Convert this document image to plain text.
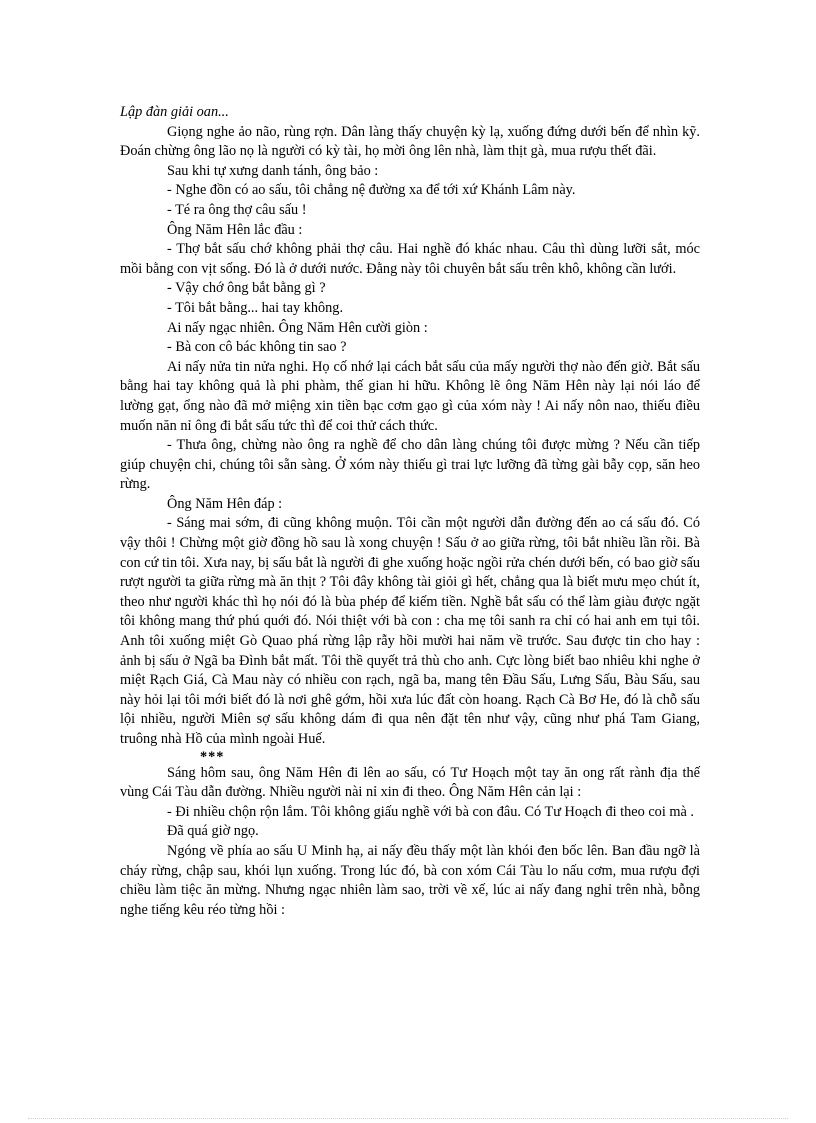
Lập đàn giải oan...

Giọng nghe ảo não, rùng rợn. Dân làng thấy chuyện kỳ lạ, xuống đứng dưới bến để nhìn kỹ. Đoán chừng ông lão nọ là người có kỳ tài, họ mời ông lên nhà, làm thịt gà, mua rượu thết đãi.

Sau khi tự xưng danh tánh, ông bảo :

- Nghe đồn có ao sấu, tôi chẳng nệ đường xa để tới xứ Khánh Lâm này.

- Té ra ông thợ câu sấu !

Ông Năm Hên lắc đầu :

- Thợ bắt sấu chớ không phải thợ câu. Hai nghề đó khác nhau. Câu thì dùng lưỡi sắt, móc mồi bằng con vịt sống. Đó là ở dưới nước. Đằng này tôi chuyên bắt sấu trên khô, không cần lưới.

- Vậy chớ ông bắt bằng gì ?

- Tôi bắt bằng... hai tay không.

Ai nấy ngạc nhiên. Ông Năm Hên cười giòn :

- Bà con cô bác không tin sao ?

Ai nấy nửa tin nửa nghi. Họ cố nhớ lại cách bắt sấu của mấy người thợ nào đến giờ. Bắt sấu bằng hai tay không quả là phi phàm, thế gian hi hữu. Không lẽ ông Năm Hên này lại nói láo để lường gạt, ổng nào đã mở miệng xin tiền bạc cơm gạo gì của xóm này ! Ai nấy nôn nao, thiếu điều muốn năn nỉ ông đi bắt sấu tức thì để coi thử cách thức.

- Thưa ông, chừng nào ông ra nghề để cho dân làng chúng tôi được mừng ? Nếu cần tiếp giúp chuyện chi, chúng tôi sẵn sàng. Ở xóm này thiếu gì trai lực lưỡng đã từng gài bẫy cọp, săn heo rừng.

Ông Năm Hên đáp :

- Sáng mai sớm, đi cũng không muộn. Tôi cần một người dẫn đường đến ao cá sấu đó. Có vậy thôi ! Chừng một giờ đồng hồ sau là xong chuyện ! Sấu ở ao giữa rừng, tôi bắt nhiều lần rồi. Bà con cứ tin tôi. Xưa nay, bị sấu bắt là người đi ghe xuống hoặc ngồi rửa chén dưới bến, có bao giờ sấu rượt người ta giữa rừng mà ăn thịt ? Tôi đây không tài giỏi gì hết, chẳng qua là biết mưu mẹo chút ít, theo như người khác thì họ nói đó là bùa phép để kiếm tiền. Nghề bắt sấu có thể làm giàu được ngặt tôi không mang thứ phú quới đó. Nói thiệt với bà con : cha mẹ tôi sanh ra chỉ có hai anh em tụi tôi. Anh tôi xuống miệt Gò Quao phá rừng lập rẫy hồi mười hai năm về trước. Sau được tin cho hay : ảnh bị sấu ở Ngã ba Đình bắt mất. Tôi thề quyết trả thù cho anh. Cực lòng biết bao nhiêu khi nghe ở miệt Rạch Giá, Cà Mau này có nhiều con rạch, ngã ba, mang tên Đầu Sấu, Lưng Sấu, Bàu Sấu, sau này hỏi lại tôi mới biết đó là nơi ghê gớm, hồi xưa lúc đất còn hoang. Rạch Cà Bơ He, đó là chỗ sấu lội nhiều, người Miên sợ sấu không dám đi qua nên đặt tên như vậy, cũng như phá Tam Giang, truông nhà Hồ của mình ngoài Huế.

***

Sáng hôm sau, ông Năm Hên đi lên ao sấu, có Tư Hoạch một tay ăn ong rất rành địa thế vùng Cái Tàu dẫn đường. Nhiều người nài nỉ xin đi theo. Ông Năm Hên cản lại :

- Đi nhiều chộn rộn lắm. Tôi không giấu nghề với bà con đâu. Có Tư Hoạch đi theo coi mà .

Đã quá giờ ngọ.

Ngóng về phía ao sấu U Minh hạ, ai nấy đều thấy một làn khói đen bốc lên. Ban đầu ngỡ là cháy rừng, chập sau, khói lụn xuống. Trong lúc đó, bà con xóm Cái Tàu lo nấu cơm, mua rượu đợi chiều làm tiệc ăn mừng. Nhưng ngạc nhiên làm sao, trời về xế, lúc ai nấy đang nghỉ trên nhà, bỗng nghe tiếng kêu réo từng hồi :
